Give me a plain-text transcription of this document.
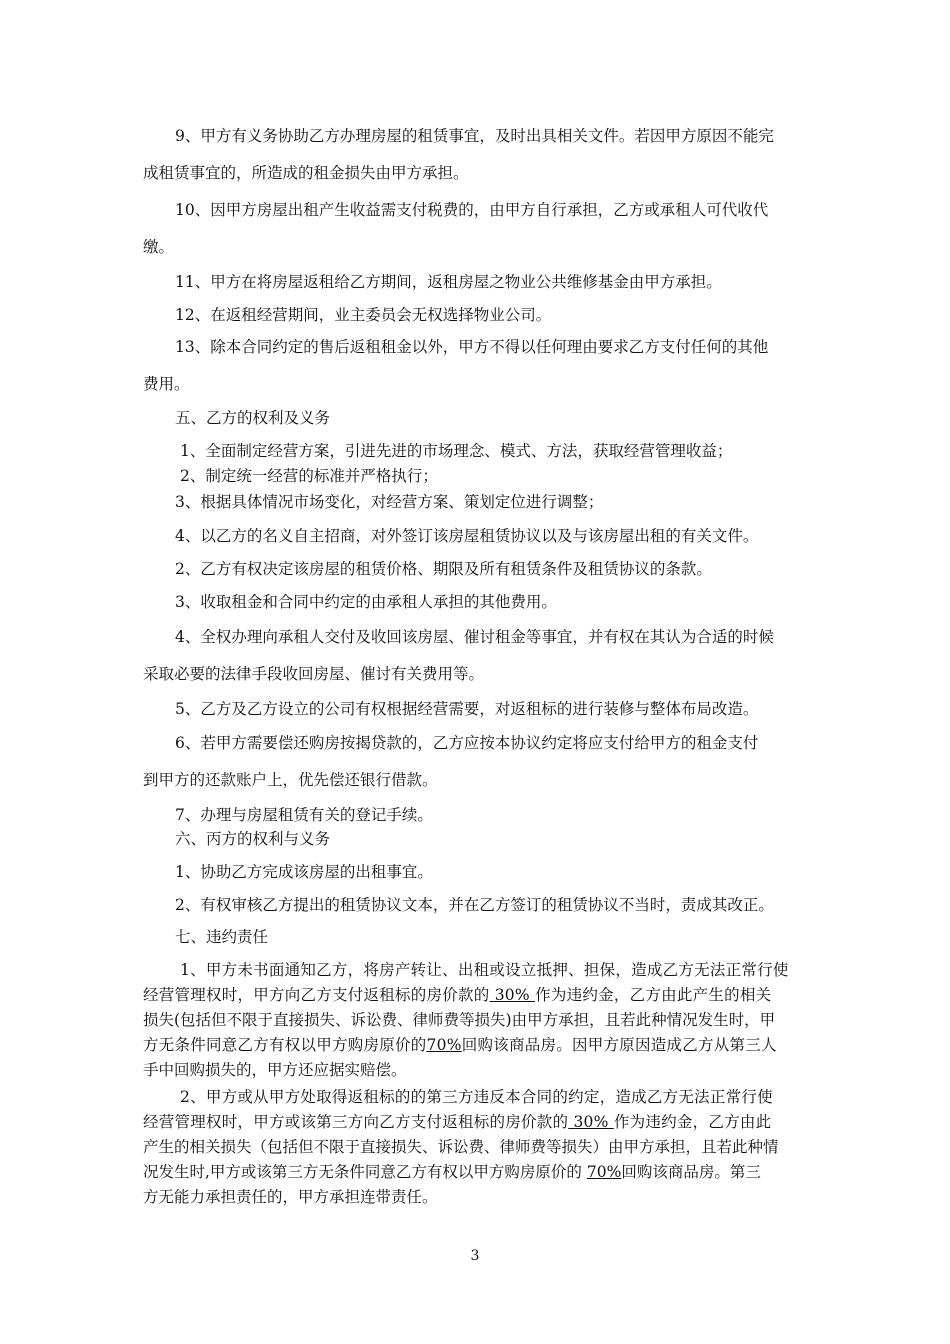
9、甲方有义务协助乙方办理房屋的租赁事宜，及时出具相关文件。若因甲方原因不能完
成租赁事宜的，所造成的租金损失由甲方承担。
10、因甲方房屋出租产生收益需支付税费的，由甲方自行承担，乙方或承租人可代收代
缴。
11、甲方在将房屋返租给乙方期间，返租房屋之物业公共维修基金由甲方承担。
12、在返租经营期间，业主委员会无权选择物业公司。
13、除本合同约定的售后返租租金以外，甲方不得以任何理由要求乙方支付任何的其他
费用。
五、乙方的权利及义务
1、全面制定经营方案，引进先进的市场理念、模式、方法，获取经营管理收益；
2、制定统一经营的标准并严格执行；
3、根据具体情况市场变化，对经营方案、策划定位进行调整；
4、以乙方的名义自主招商，对外签订该房屋租赁协议以及与该房屋出租的有关文件。
2、乙方有权决定该房屋的租赁价格、期限及所有租赁条件及租赁协议的条款。
3、收取租金和合同中约定的由承租人承担的其他费用。
4、全权办理向承租人交付及收回该房屋、催讨租金等事宜，并有权在其认为合适的时候
采取必要的法律手段收回房屋、催讨有关费用等。
5、乙方及乙方设立的公司有权根据经营需要，对返租标的进行装修与整体布局改造。
6、若甲方需要偿还购房按揭贷款的，乙方应按本协议约定将应支付给甲方的租金支付
到甲方的还款账户上，优先偿还银行借款。
7、办理与房屋租赁有关的登记手续。
六、丙方的权利与义务
1、协助乙方完成该房屋的出租事宜。
2、有权审核乙方提出的租赁协议文本，并在乙方签订的租赁协议不当时，责成其改正。
七、违约责任
1、甲方未书面通知乙方，将房产转让、出租或设立抵押、担保，造成乙方无法正常行使
经营管理权时，甲方向乙方支付返租标的房价款的 30% 作为违约金，乙方由此产生的相关
损失(包括但不限于直接损失、诉讼费、律师费等损失)由甲方承担，且若此种情况发生时，甲
方无条件同意乙方有权以甲方购房原价的70%回购该商品房。因甲方原因造成乙方从第三人
手中回购损失的，甲方还应据实赔偿。
2、甲方或从甲方处取得返租标的的第三方违反本合同的约定，造成乙方无法正常行使
经营管理权时，甲方或该第三方向乙方支付返租标的房价款的 30% 作为违约金，乙方由此
产生的相关损失（包括但不限于直接损失、诉讼费、律师费等损失）由甲方承担，且若此种情
况发生时,甲方或该第三方无条件同意乙方有权以甲方购房原价的 70%回购该商品房。第三
方无能力承担责任的，甲方承担连带责任。
3
